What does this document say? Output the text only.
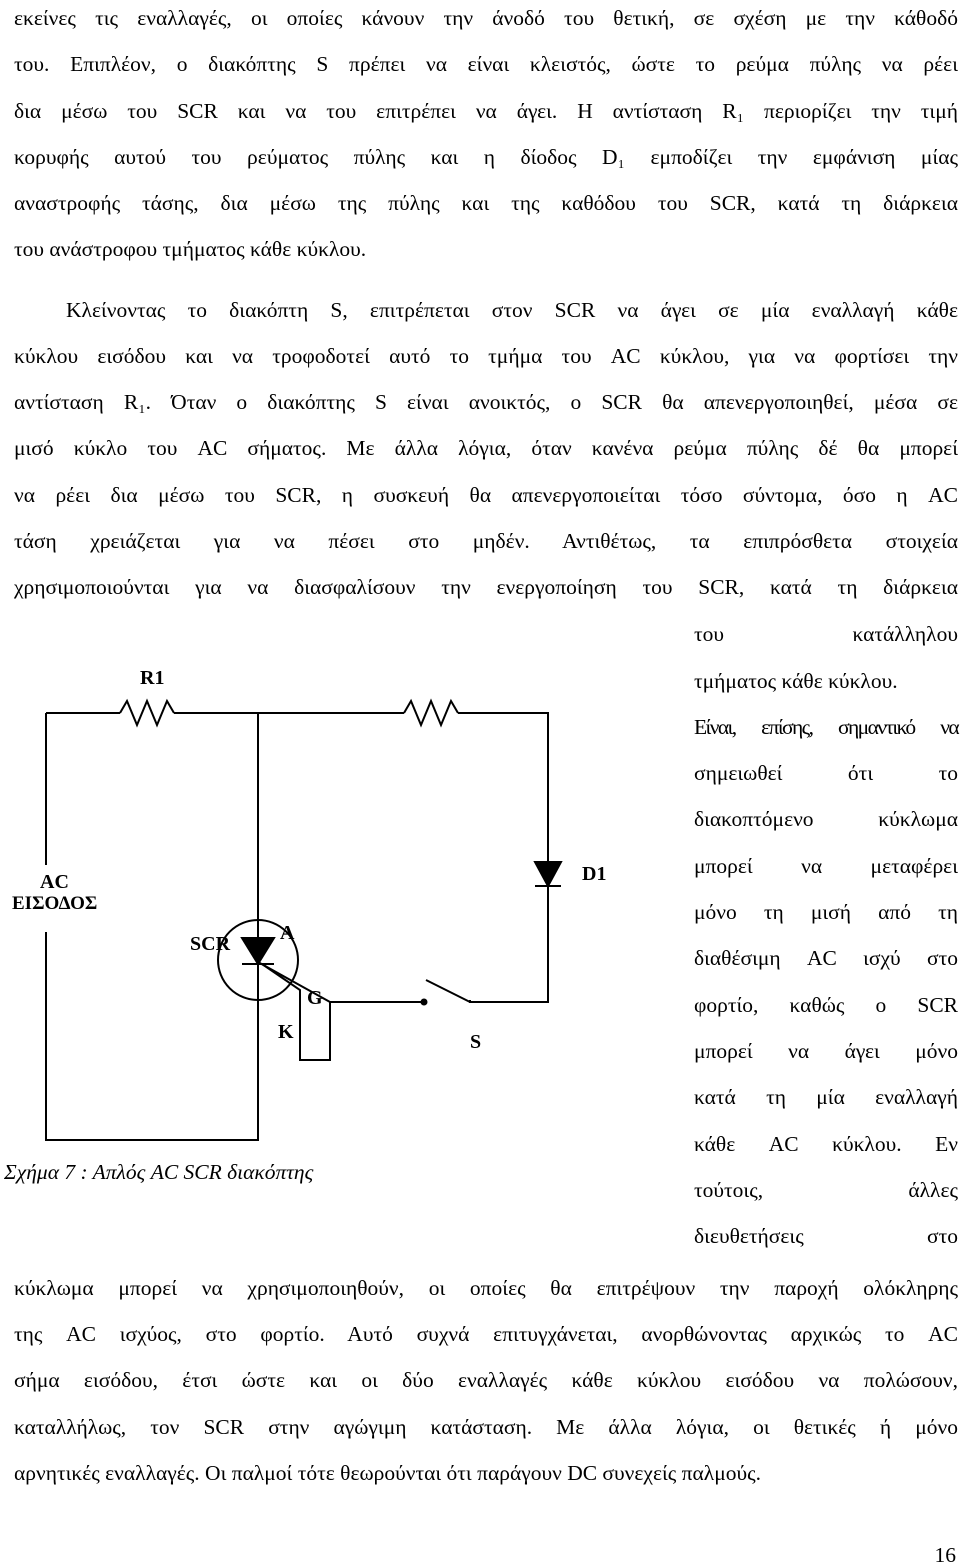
εκείνες τις εναλλαγές, οι οποίες κάνουν την άνοδό του θετική, σε σχέση με την κάθοδό
του. Επιπλέον, ο διακόπτης S πρέπει να είναι κλειστός, ώστε το ρεύμα πύλης να ρέει
δια μέσω του SCR και να του επιτρέπει να άγει. Η αντίσταση R₁ περιορίζει την τιμή
κορυφής αυτού του ρεύματος πύλης και η δίοδος D₁ εμποδίζει την εμφάνιση μίας
αναστροφής τάσης, δια μέσω της πύλης και της καθόδου του SCR, κατά τη διάρκεια
του ανάστροφου τμήματος κάθε κύκλου.
Κλείνοντας το διακόπτη S, επιτρέπεται στον SCR να άγει σε μία εναλλαγή κάθε
κύκλου εισόδου και να τροφοδοτεί αυτό το τμήμα του AC κύκλου, για να φορτίσει την
αντίσταση R₁. Όταν ο διακόπτης S είναι ανοικτός, ο SCR θα απενεργοποιηθεί, μέσα σε
μισό κύκλο του AC σήματος. Με άλλα λόγια, όταν κανένα ρεύμα πύλης δέ θα μπορεί
να ρέει δια μέσω του SCR, η συσκευή θα απενεργοποιείται τόσο σύντομα, όσο η AC
τάση χρειάζεται για να πέσει στο μηδέν. Αντιθέτως, τα επιπρόσθετα στοιχεία
χρησιμοποιούνται για να διασφαλίσουν την ενεργοποίηση του SCR, κατά τη διάρκεια
του κατάλληλου
τμήματος κάθε κύκλου.
Είναι, επίσης, σημαντικό να
σημειωθεί ότι το
διακοπτόμενο κύκλωμα
μπορεί να μεταφέρει
μόνο τη μισή από τη
διαθέσιμη AC ισχύ στο
φορτίο, καθώς ο SCR
μπορεί να άγει μόνο
κατά τη μία εναλλαγή
κάθε AC κύκλου. Εν
τούτοις, άλλες
διευθετήσεις στο
R1
AC
ΕΙΣΟΔΟΣ
SCR A
G
K
D1
S
Σχήμα 7 : Απλός AC SCR διακόπτης
κύκλωμα μπορεί να χρησιμοποιηθούν, οι οποίες θα επιτρέψουν την παροχή ολόκληρης
της AC ισχύος, στο φορτίο. Αυτό συχνά επιτυγχάνεται, ανορθώνοντας αρχικώς το AC
σήμα εισόδου, έτσι ώστε και οι δύο εναλλαγές κάθε κύκλου εισόδου να πολώσουν,
καταλλήλως, τον SCR στην αγώγιμη κατάσταση. Με άλλα λόγια, οι θετικές ή μόνο
αρνητικές εναλλαγές. Οι παλμοί τότε θεωρούνται ότι παράγουν DC συνεχείς παλμούς.
16
